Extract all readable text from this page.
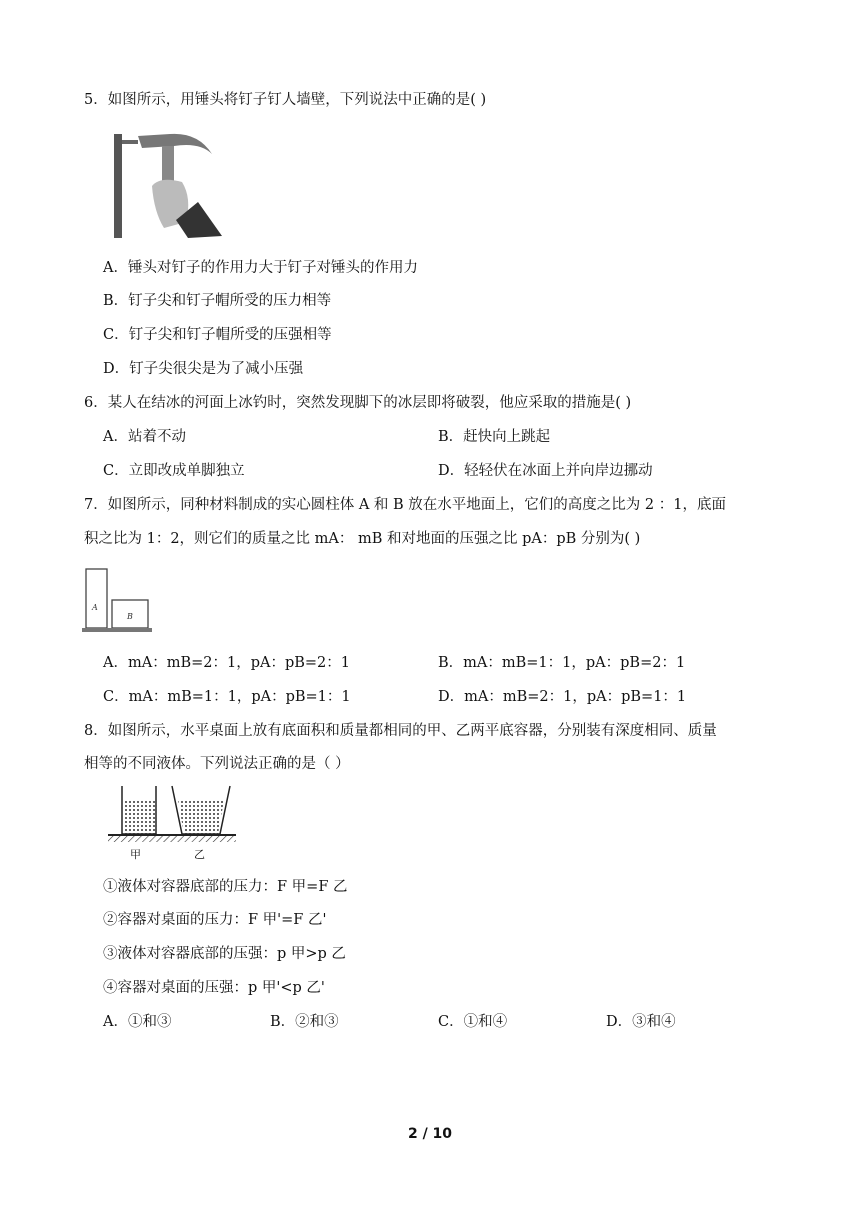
5．如图所示，用锤头将钉子钉人墙壁，下列说法中正确的是( )
A．锤头对钉子的作用力大于钉子对锤头的作用力
B．钉子尖和钉子帽所受的压力相等
C．钉子尖和钉子帽所受的压强相等
D．钉子尖很尖是为了减小压强
6．某人在结冰的河面上冰钓时，突然发现脚下的冰层即将破裂，他应采取的措施是( )
A．站着不动	B．赶快向上跳起
C．立即改成单脚独立	D．轻轻伏在冰面上并向岸边挪动
7．如图所示，同种材料制成的实心圆柱体 A 和 B 放在水平地面上，它们的高度之比为 2 ：1，底面
积之比为 1：2，则它们的质量之比 mA： mB 和对地面的压强之比 pA：pB 分别为( )
A
B
A．mA：mB=2：1，pA：pB=2：1	B．mA：mB=1：1，pA：pB=2：1
C．mA：mB=1：1，pA：pB=1：1	D．mA：mB=2：1，pA：pB=1：1
8．如图所示，水平桌面上放有底面积和质量都相同的甲、乙两平底容器，分别装有深度相同、质量
相等的不同液体。下列说法正确的是（ ）
甲	乙
①液体对容器底部的压力：F 甲=F 乙
②容器对桌面的压力：F 甲'=F 乙'
③液体对容器底部的压强：p 甲>p 乙
④容器对桌面的压强：p 甲'<p 乙'
A．①和③	B．②和③	C．①和④	D．③和④
2 / 10
